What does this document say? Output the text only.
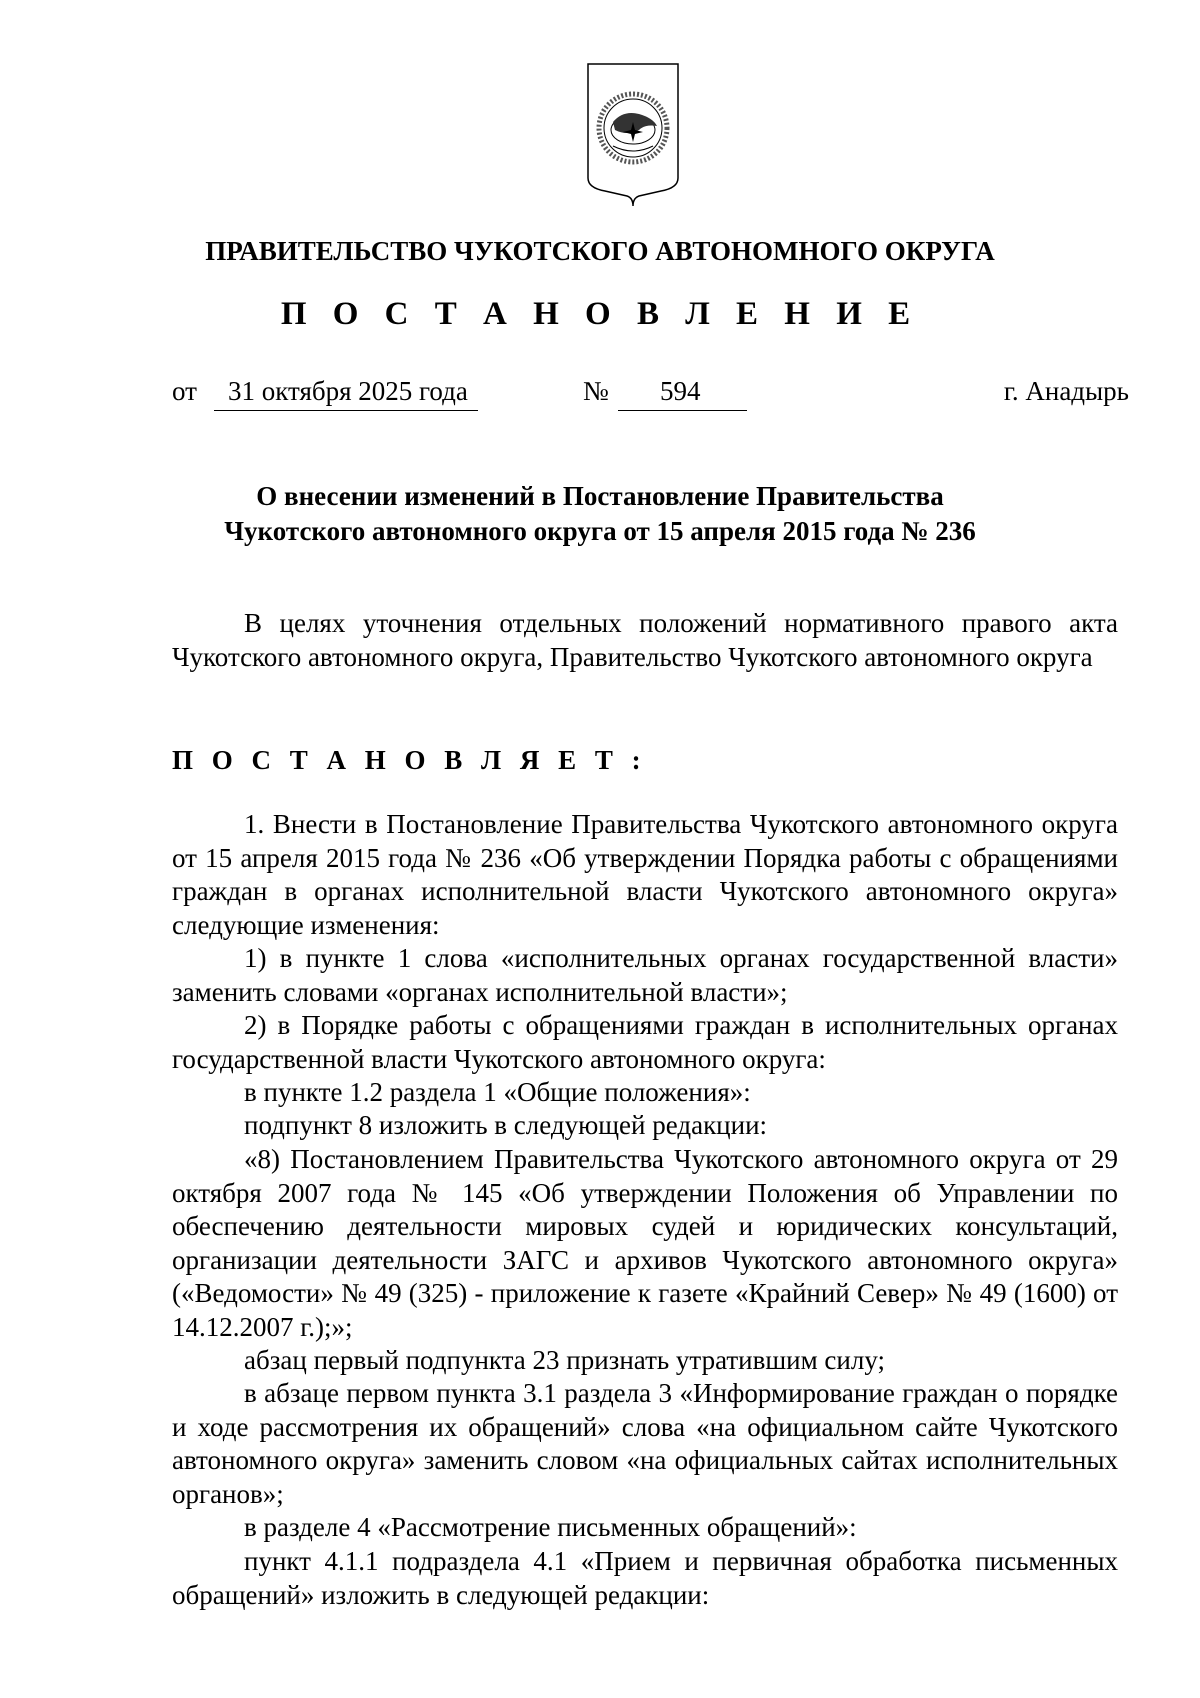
ПРАВИТЕЛЬСТВО ЧУКОТСКОГО АВТОНОМНОГО ОКРУГА
П О С Т А Н О В Л Е Н И Е
от 31 октября 2025 года	№ 594	г. Анадырь
О внесении изменений в Постановление Правительства
Чукотского автономного округа от 15 апреля 2015 года № 236

В целях уточнения отдельных положений нормативного правого акта Чукотского автономного округа, Правительство Чукотского автономного округа

П О С Т А Н О В Л Я Е Т :

1. Внести в Постановление Правительства Чукотского автономного округа от 15 апреля 2015 года № 236 «Об утверждении Порядка работы с обращениями граждан в органах исполнительной власти Чукотского автономного округа» следующие изменения:

1) в пункте 1 слова «исполнительных органах государственной власти» заменить словами «органах исполнительной власти»;

2) в Порядке работы с обращениями граждан в исполнительных органах государственной власти Чукотского автономного округа:

в пункте 1.2 раздела 1 «Общие положения»:

подпункт 8 изложить в следующей редакции:

«8) Постановлением Правительства Чукотского автономного округа от 29 октября 2007 года № 145 «Об утверждении Положения об Управлении по обеспечению деятельности мировых судей и юридических консультаций, организации деятельности ЗАГС и архивов Чукотского автономного округа» («Ведомости» № 49 (325) - приложение к газете «Крайний Север» № 49 (1600) от 14.12.2007 г.);»;

абзац первый подпункта 23 признать утратившим силу;

в абзаце первом пункта 3.1 раздела 3 «Информирование граждан о порядке и ходе рассмотрения их обращений» слова «на официальном сайте Чукотского автономного округа» заменить словом «на официальных сайтах исполнительных органов»;

в разделе 4 «Рассмотрение письменных обращений»:

пункт 4.1.1 подраздела 4.1 «Прием и первичная обработка письменных обращений» изложить в следующей редакции:
